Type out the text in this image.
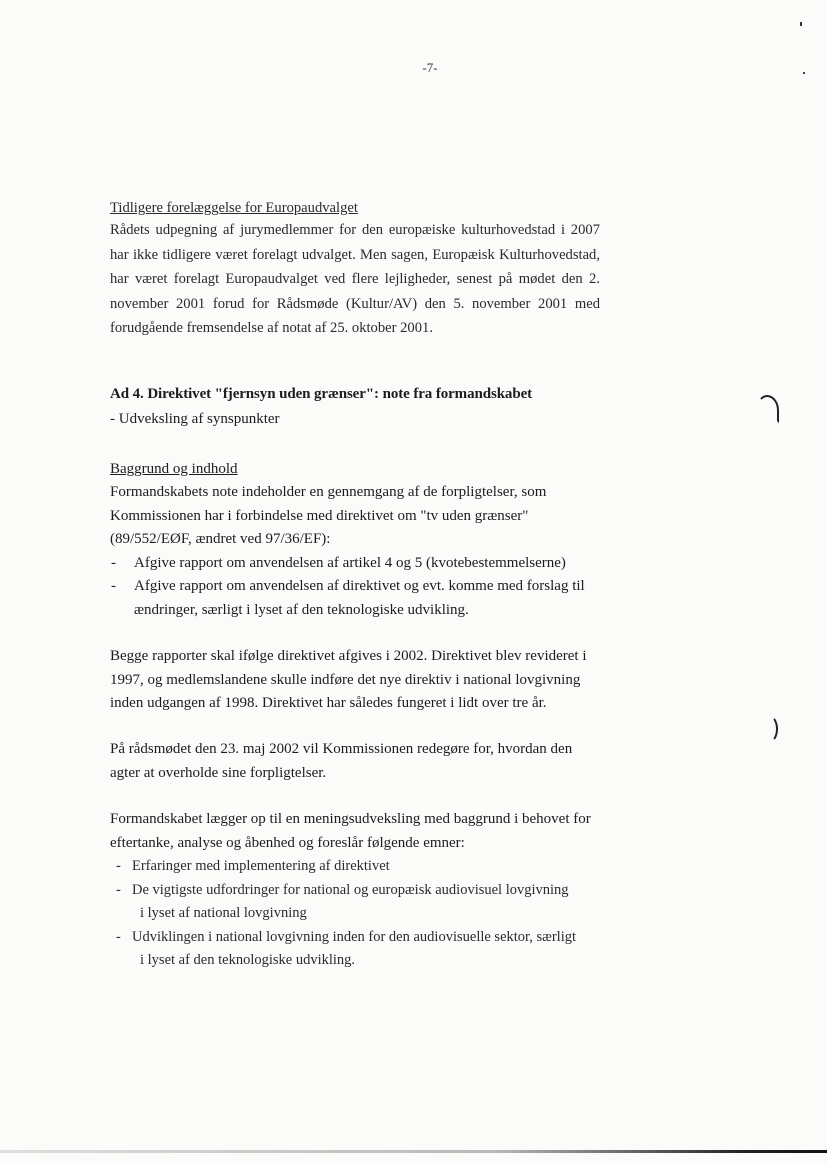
-7-

Tidligere forelæggelse for Europaudvalget

Rådets udpegning af jurymedlemmer for den europæiske kulturhovedstad i 2007 har ikke tidligere været forelagt udvalget. Men sagen, Europæisk Kulturhovedstad, har været forelagt Europaudvalget ved flere lejligheder, senest på mødet den 2. november 2001 forud for Rådsmøde (Kultur/AV) den 5. november 2001 med forudgående fremsendelse af notat af 25. oktober 2001.

Ad 4. Direktivet "fjernsyn uden grænser": note fra formandskabet
- Udveksling af synspunkter

Baggrund og indhold

Formandskabets note indeholder en gennemgang af de forpligtelser, som Kommissionen har i forbindelse med direktivet om "tv uden grænser" (89/552/EØF, ændret ved 97/36/EF):

- Afgive rapport om anvendelsen af artikel 4 og 5 (kvotebestemmelserne)
- Afgive rapport om anvendelsen af direktivet og evt. komme med forslag til ændringer, særligt i lyset af den teknologiske udvikling.
Begge rapporter skal ifølge direktivet afgives i 2002. Direktivet blev revideret i 1997, og medlemslandene skulle indføre det nye direktiv i national lovgivning inden udgangen af 1998. Direktivet har således fungeret i lidt over tre år.
På rådsmødet den 23. maj 2002 vil Kommissionen redegøre for, hvordan den agter at overholde sine forpligtelser.

Formandskabet lægger op til en meningsudveksling med baggrund i behovet for eftertanke, analyse og åbenhed og foreslår følgende emner:

- Erfaringer med implementering af direktivet
- De vigtigste udfordringer for national og europæisk audiovisuel lovgivning
i lyset af national lovgivning
- Udviklingen i national lovgivning inden for den audiovisuelle sektor, særligt
i lyset af den teknologiske udvikling.
